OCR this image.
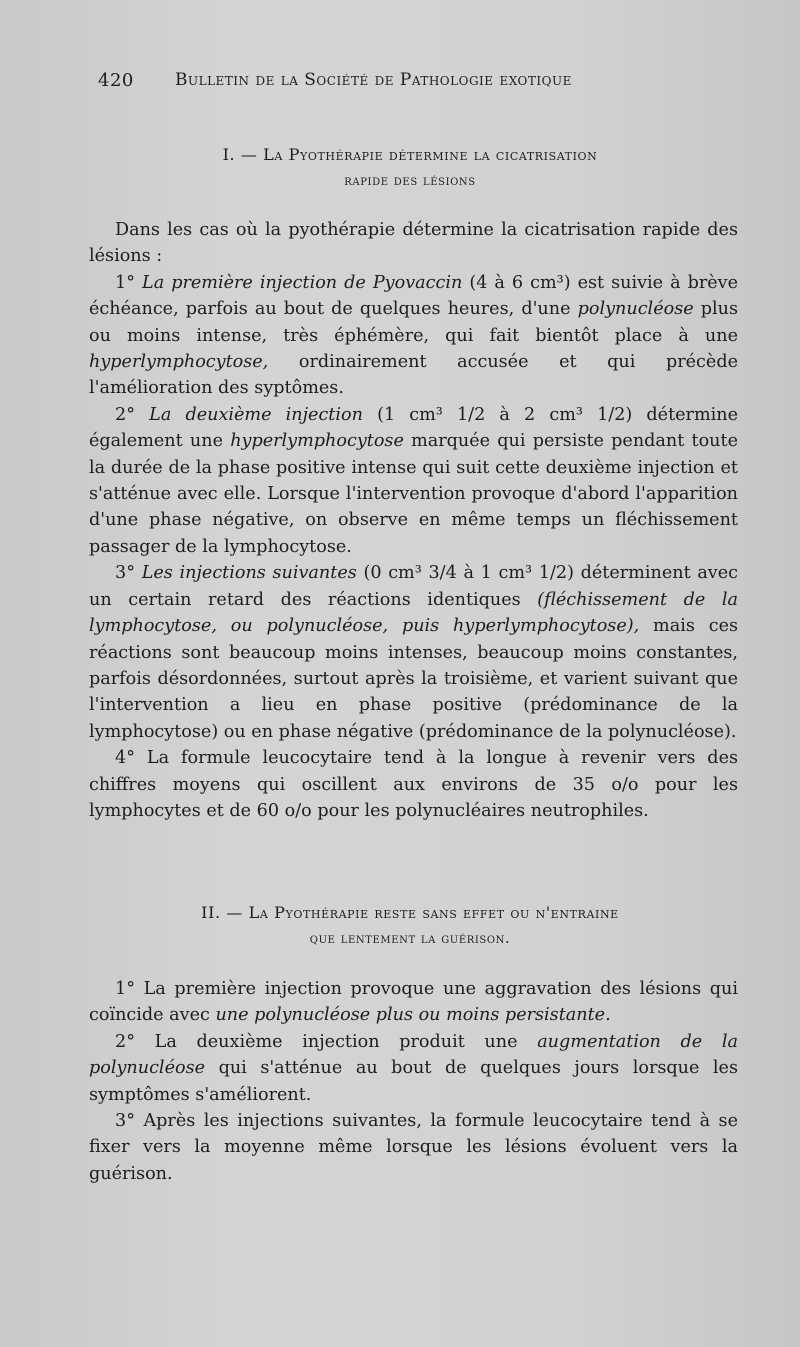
420 Bulletin de la Société de Pathologie exotique
I. — La Pyothérapie détermine la cicatrisation
rapide des lésions

Dans les cas où la pyothérapie détermine la cicatrisation rapide des lésions :

1° La première injection de Pyovaccin (4 à 6 cm³) est suivie à brève échéance, parfois au bout de quelques heures, d'une polynucléose plus ou moins intense, très éphémère, qui fait bientôt place à une hyperlymphocytose, ordinairement accusée et qui précède l'amélioration des syptômes.

2° La deuxième injection (1 cm³ 1/2 à 2 cm³ 1/2) détermine également une hyperlymphocytose marquée qui persiste pendant toute la durée de la phase positive intense qui suit cette deuxième injection et s'atténue avec elle. Lorsque l'intervention provoque d'abord l'apparition d'une phase négative, on observe en même temps un fléchissement passager de la lymphocytose.

3° Les injections suivantes (0 cm³ 3/4 à 1 cm³ 1/2) déterminent avec un certain retard des réactions identiques (fléchissement de la lymphocytose, ou polynucléose, puis hyperlymphocytose), mais ces réactions sont beaucoup moins intenses, beaucoup moins constantes, parfois désordonnées, surtout après la troisième, et varient suivant que l'intervention a lieu en phase positive (prédominance de la lymphocytose) ou en phase négative (prédominance de la polynucléose).

4° La formule leucocytaire tend à la longue à revenir vers des chiffres moyens qui oscillent aux environs de 35 o/o pour les lymphocytes et de 60 o/o pour les polynucléaires neutrophiles.

II. — La Pyothérapie reste sans effet ou n'entraine
que lentement la guérison.

1° La première injection provoque une aggravation des lésions qui coïncide avec une polynucléose plus ou moins persistante.

2° La deuxième injection produit une augmentation de la polynucléose qui s'atténue au bout de quelques jours lorsque les symptômes s'améliorent.

3° Après les injections suivantes, la formule leucocytaire tend à se fixer vers la moyenne même lorsque les lésions évoluent vers la guérison.
